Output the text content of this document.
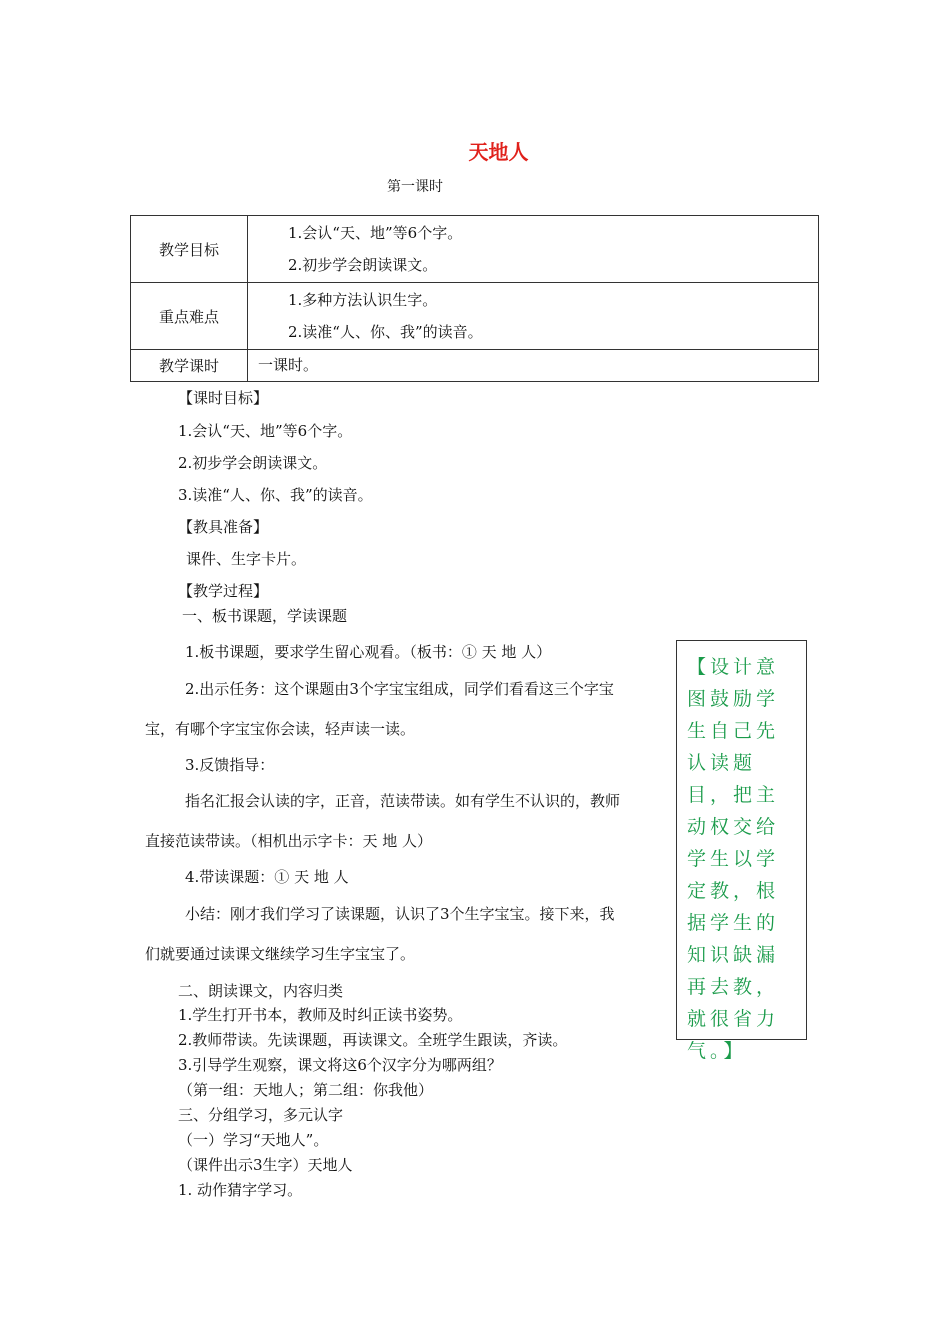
天地人
第一课时
教学目标	1.会认“天、地”等6个字。
2.初步学会朗读课文。

重点难点	1.多种方法认识生字。
2.读准“人、你、我”的读音。

教学课时	一课时。
【课时目标】
1.会认“天、地”等6个字。
2.初步学会朗读课文。
3.读准“人、你、我”的读音。
【教具准备】
课件、生字卡片。
【教学过程】
一、板书课题，学读课题
1.板书课题，要求学生留心观看。（板书：① 天 地 人）
2.出示任务：这个课题由3个字宝宝组成，同学们看看这三个字宝
宝，有哪个字宝宝你会读，轻声读一读。
3.反馈指导：
指名汇报会认读的字，正音，范读带读。如有学生不认识的，教师
直接范读带读。（相机出示字卡：天 地 人）
4.带读课题：① 天 地 人
小结：刚才我们学习了读课题，认识了3个生字宝宝。接下来，我
们就要通过读课文继续学习生字宝宝了。
二、朗读课文，内容归类
1.学生打开书本，教师及时纠正读书姿势。
2.教师带读。先读课题，再读课文。全班学生跟读，齐读。
3.引导学生观察，课文将这6个汉字分为哪两组？
（第一组：天地人；第二组：你我他）
三、分组学习，多元认字
（一）学习“天地人”。
（课件出示3生字）天地人
1. 动作猜字学习。
【设计意图鼓励学生自己先认读题目，把主动权交给学生以学定教，根据学生的知识缺漏再去教，就很省力气。】
